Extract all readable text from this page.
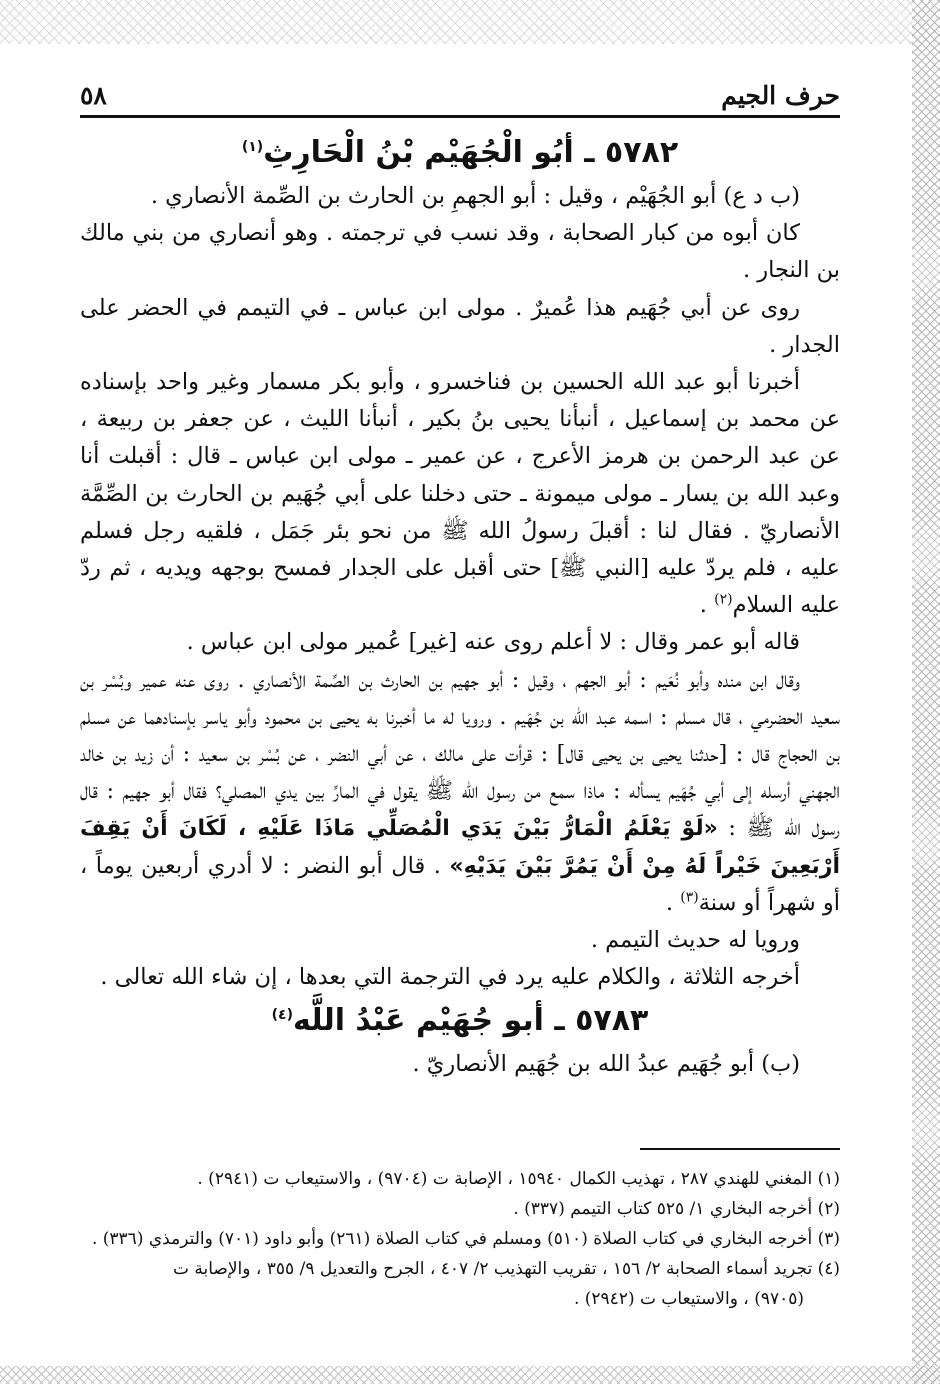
حرف الجيم
٥٨

٥٧٨٢ ـ أبُو الْجُهَيْم بْنُ الْحَارِثِ$^{(١)}$

(ب د ع) أبو الجُهَيْم ، وقيل : أبو الجهمِ بن الحارث بن الصِّمة الأنصاري .

كان أبوه من كبار الصحابة ، وقد نسب في ترجمته . وهو أنصاري من بني مالك بن النجار .

روى عن أبي جُهَيم هذا عُميرٌ . مولى ابن عباس ـ في التيمم في الحضر على الجدار .

أخبرنا أبو عبد الله الحسين بن فناخسرو ، وأبو بكر مسمار وغير واحد بإسناده عن محمد بن إسماعيل ، أنبأنا يحيى بنُ بكير ، أنبأنا الليث ، عن جعفر بن ربيعة ، عن عبد الرحمن بن هرمز الأعرج ، عن عمير ـ مولى ابن عباس ـ قال : أقبلت أنا وعبد الله بن يسار ـ مولى ميمونة ـ حتى دخلنا على أبي جُهَيم بن الحارث بن الصِّمَّة الأنصاريّ . فقال لنا : أقبلَ رسولُ الله ﷺ من نحو بئر جَمَل ، فلقيه رجل فسلم عليه ، فلم يردّ عليه [النبي ﷺ] حتى أقبل على الجدار فمسح بوجهه ويديه ، ثم ردّ عليه السلام$^{(٢)}$ .

قاله أبو عمر وقال : لا أعلم روى عنه [غير] عُمير مولى ابن عباس .

وقال ابن منده وأبو نُعَيم : أبو الجهم ، وقيل : أبو جهيم بن الحارث بن الصِّمة الأنصاري . روى عنه عمير وبُسْر بن سعيد الحضرمي ، قال مسلم : اسمه عبد الله بن جُهَيم . ورويا له ما أخبرنا به يحيى بن محمود وأبو ياسر بإسنادهما عن مسلم بن الحجاج قال : [حدثنا يحيى بن يحيى قال] : قرأت على مالك ، عن أبي النضر ، عن بُسْر بن سعيد : أن زيد بن خالد الجهني أرسله إلى أبي جُهَيم يسأله : ماذا سمع من رسول الله ﷺ يقول في المارِّ بين يدي المصلي؟ فقال أبو جهيم : قال رسول الله ﷺ : «لَوْ يَعْلَمُ الْمَارُّ بَيْنَ يَدَي الْمُصَلِّي مَاذَا عَلَيْهِ ، لَكَانَ أَنْ يَقِفَ أَرْبَعِينَ خَيْراً لَهُ مِنْ أَنْ يَمُرَّ بَيْنَ يَدَيْهِ» . قال أبو النضر : لا أدري أربعين يوماً ، أو شهراً أو سنة$^{(٣)}$ .

ورويا له حديث التيمم .

أخرجه الثلاثة ، والكلام عليه يرد في الترجمة التي بعدها ، إن شاء الله تعالى .

٥٧٨٣ ـ أبو جُهَيْم عَبْدُ اللَّه$^{(٤)}$

(ب) أبو جُهَيم عبدُ الله بن جُهَيم الأنصاريّ .

(١) المغني للهندي ٢٨٧ ، تهذيب الكمال ١٥٩٤٠ ، الإصابة ت (٩٧٠٤) ، والاستيعاب ت (٢٩٤١) .

(٢) أخرجه البخاري ١/ ٥٢٥ كتاب التيمم (٣٣٧) .

(٣) أخرجه البخاري في كتاب الصلاة (٥١٠) ومسلم في كتاب الصلاة (٢٦١) وأبو داود (٧٠١) والترمذي (٣٣٦) .

(٤) تجريد أسماء الصحابة ٢/ ١٥٦ ، تقريب التهذيب ٢/ ٤٠٧ ، الجرح والتعديل ٩/ ٣٥٥ ، والإصابة ت

(٩٧٠٥) ، والاستيعاب ت (٢٩٤٢) .
